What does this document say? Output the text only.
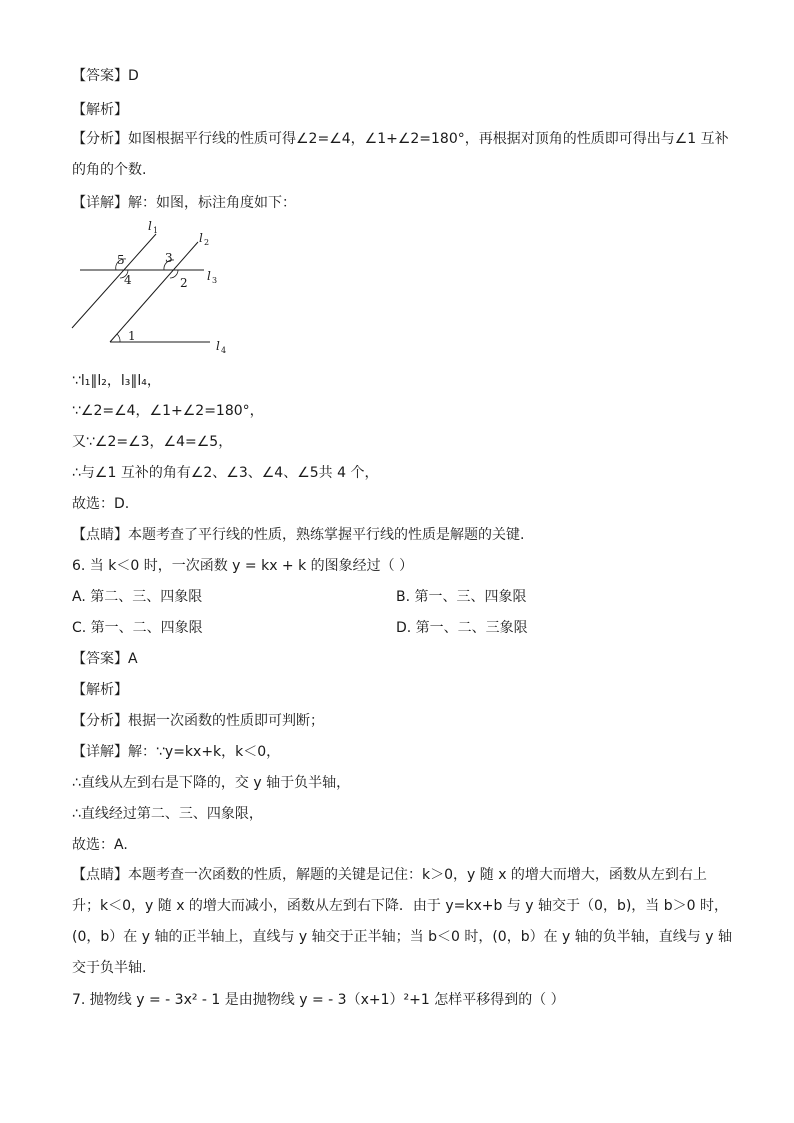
【答案】D
【解析】
【分析】如图根据平行线的性质可得∠2=∠4，∠1+∠2=180°，再根据对顶角的性质即可得出与∠1 互补的角的个数.
【详解】解：如图，标注角度如下：
l 1
l 2
l 3
l 4
5
4
3
2
1
∵l₁∥l₂，l₃∥l₄，
∵∠2=∠4，∠1+∠2=180°，
又∵∠2=∠3，∠4=∠5，
∴与∠1 互补的角有∠2、∠3、∠4、∠5共 4 个，
故选：D.
【点睛】本题考查了平行线的性质，熟练掌握平行线的性质是解题的关键.
6. 当 k＜0 时，一次函数 y = kx + k 的图象经过（ ）
A. 第二、三、四象限	B. 第一、三、四象限
C. 第一、二、四象限	D. 第一、二、三象限
【答案】A
【解析】
【分析】根据一次函数的性质即可判断；
【详解】解：∵y=kx+k，k＜0，
∴直线从左到右是下降的，交 y 轴于负半轴，
∴直线经过第二、三、四象限，
故选：A.
【点睛】本题考查一次函数的性质，解题的关键是记住：k＞0，y 随 x 的增大而增大，函数从左到右上升；k＜0，y 随 x 的增大而减小，函数从左到右下降．由于 y=kx+b 与 y 轴交于（0，b)，当 b＞0 时，(0，b）在 y 轴的正半轴上，直线与 y 轴交于正半轴；当 b＜0 时，(0，b）在 y 轴的负半轴，直线与 y 轴交于负半轴.
7. 抛物线 y = - 3x² - 1 是由抛物线 y = - 3（x+1）²+1 怎样平移得到的（ ）
